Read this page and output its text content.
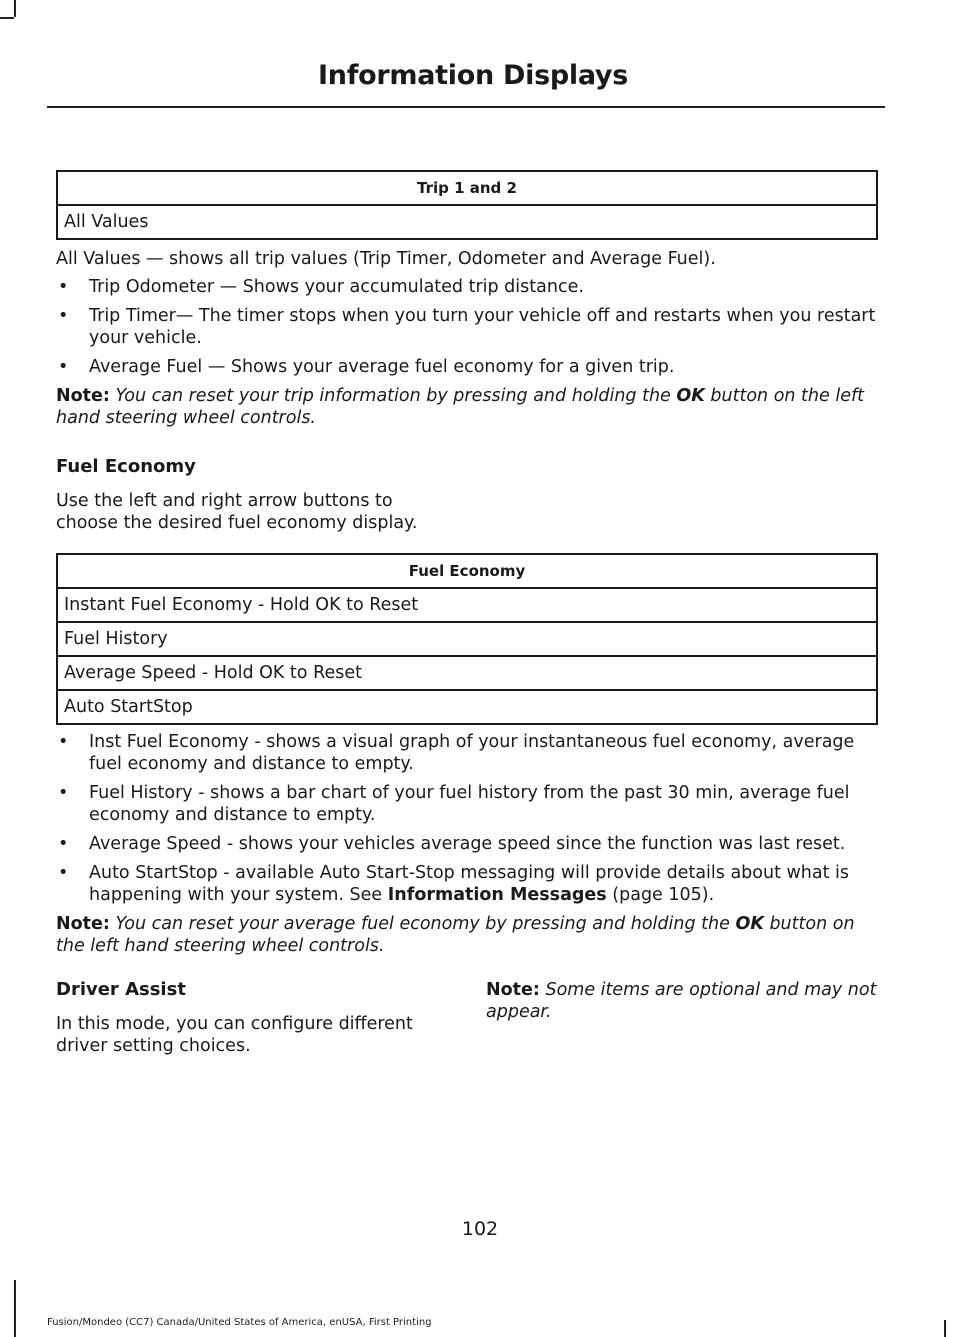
Information Displays
Trip 1 and 2
All Values

All Values — shows all trip values (Trip Timer, Odometer and Average Fuel).

• Trip Odometer — Shows your accumulated trip distance.
• Trip Timer— The timer stops when you turn your vehicle off and restarts when you restart your vehicle.
• Average Fuel — Shows your average fuel economy for a given trip.

Note: You can reset your trip information by pressing and holding the OK button on the left hand steering wheel controls.

Fuel Economy

Use the left and right arrow buttons to choose the desired fuel economy display.

Fuel Economy
Instant Fuel Economy - Hold OK to Reset
Fuel History
Average Speed - Hold OK to Reset
Auto StartStop
• Inst Fuel Economy - shows a visual graph of your instantaneous fuel economy, average fuel economy and distance to empty.
• Fuel History - shows a bar chart of your fuel history from the past 30 min, average fuel economy and distance to empty.
• Average Speed - shows your vehicles average speed since the function was last reset.
• Auto StartStop - available Auto Start-Stop messaging will provide details about what is happening with your system. See Information Messages (page 105).

Note: You can reset your average fuel economy by pressing and holding the OK button on the left hand steering wheel controls.

Driver Assist

In this mode, you can configure different driver setting choices.

Note: Some items are optional and may not appear.

102
Fusion/Mondeo (CC7) Canada/United States of America, enUSA, First Printing
